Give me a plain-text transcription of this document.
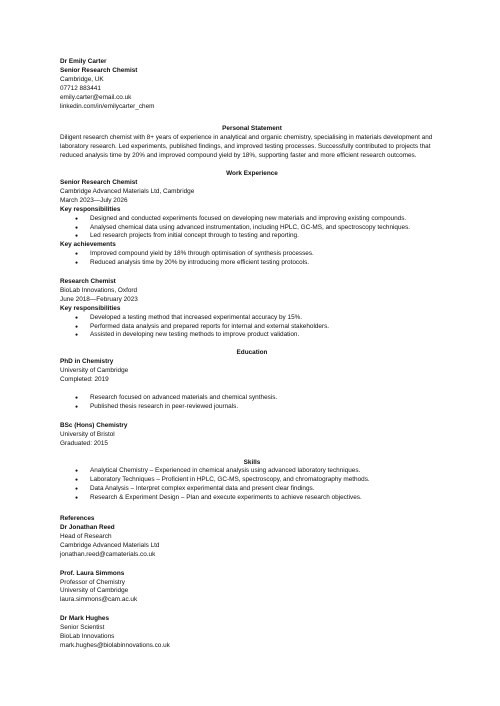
Dr Emily Carter
Senior Research Chemist
Cambridge, UK
07712 883441
emily.carter@email.co.uk
linkedin.com/in/emilycarter_chem
Personal Statement
Diligent research chemist with 8+ years of experience in analytical and organic chemistry, specialising in materials development and laboratory research. Led experiments, published findings, and improved testing processes. Successfully contributed to projects that reduced analysis time by 20% and improved compound yield by 18%, supporting faster and more efficient research outcomes.
Work Experience
Senior Research Chemist
Cambridge Advanced Materials Ltd, Cambridge
March 2023—July 2026
Key responsibilities
● Designed and conducted experiments focused on developing new materials and improving existing compounds.
● Analysed chemical data using advanced instrumentation, including HPLC, GC-MS, and spectroscopy techniques.
● Led research projects from initial concept through to testing and reporting.
Key achievements
● Improved compound yield by 18% through optimisation of synthesis processes.
● Reduced analysis time by 20% by introducing more efficient testing protocols.
Research Chemist
BioLab Innovations, Oxford
June 2018—February 2023
Key responsibilities
● Developed a testing method that increased experimental accuracy by 15%.
● Performed data analysis and prepared reports for internal and external stakeholders.
● Assisted in developing new testing methods to improve product validation.
Education
PhD in Chemistry
University of Cambridge
Completed: 2019
● Research focused on advanced materials and chemical synthesis.
● Published thesis research in peer-reviewed journals.
BSc (Hons) Chemistry
University of Bristol
Graduated: 2015
Skills
● Analytical Chemistry – Experienced in chemical analysis using advanced laboratory techniques.
● Laboratory Techniques – Proficient in HPLC, GC-MS, spectroscopy, and chromatography methods.
● Data Analysis – Interpret complex experimental data and present clear findings.
● Research & Experiment Design – Plan and execute experiments to achieve research objectives.
References
Dr Jonathan Reed
Head of Research
Cambridge Advanced Materials Ltd
jonathan.reed@camaterials.co.uk
Prof. Laura Simmons
Professor of Chemistry
University of Cambridge
laura.simmons@cam.ac.uk
Dr Mark Hughes
Senior Scientist
BioLab Innovations
mark.hughes@biolabinnovations.co.uk
